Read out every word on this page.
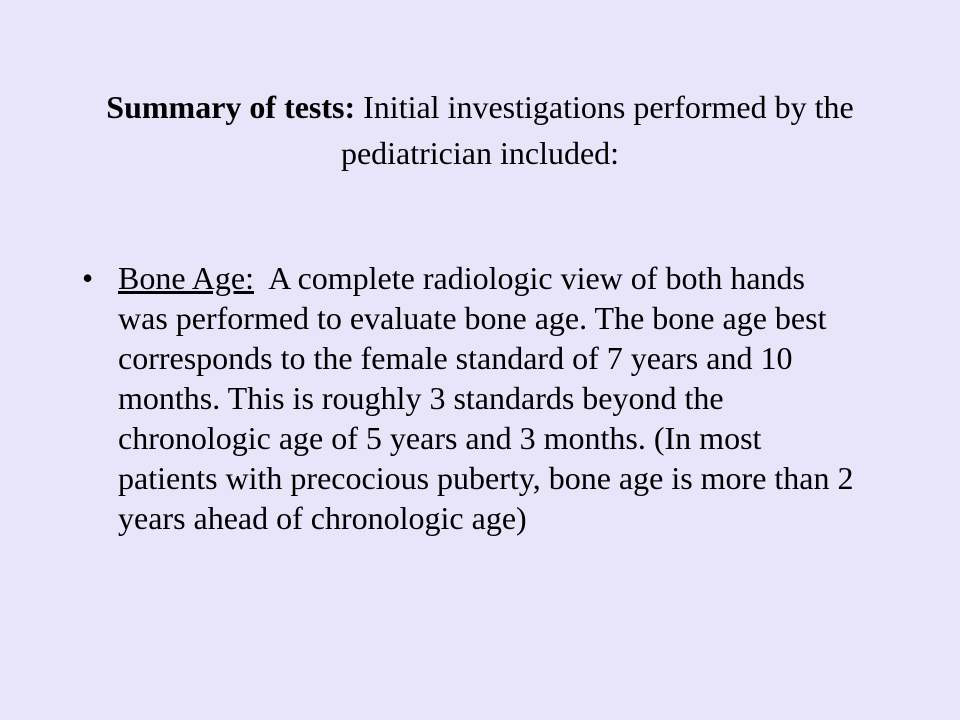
Summary of tests: Initial investigations performed by the pediatrician included:
• Bone Age:  A complete radiologic view of both hands was performed to evaluate bone age. The bone age best corresponds to the female standard of 7 years and 10 months. This is roughly 3 standards beyond the chronologic age of 5 years and 3 months. (In most patients with precocious puberty, bone age is more than 2 years ahead of chronologic age)
